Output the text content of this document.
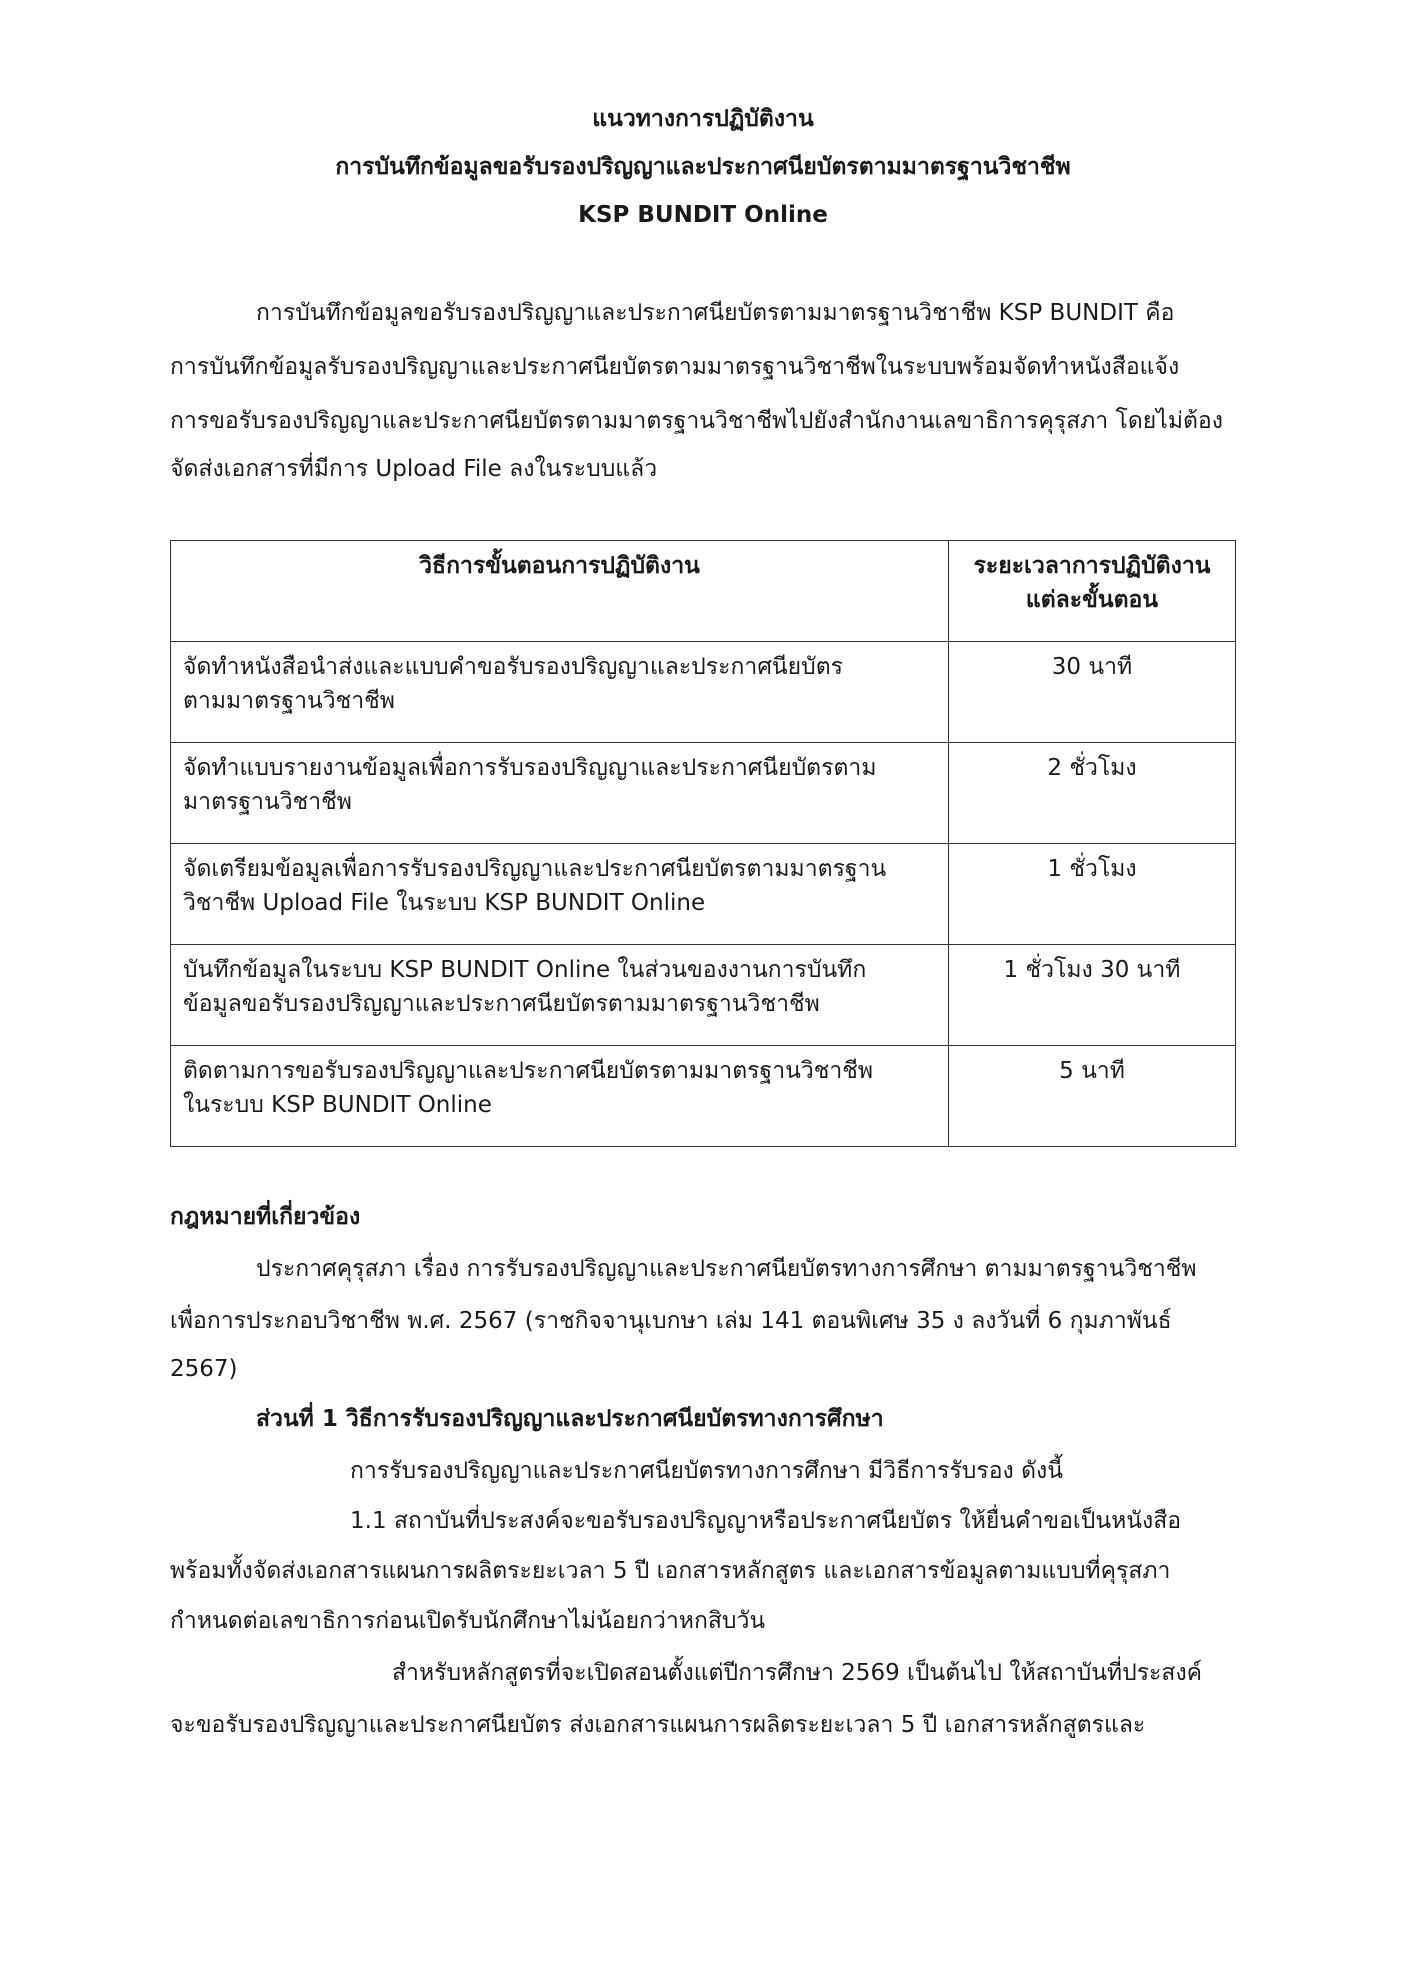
แนวทางการปฏิบัติงาน
การบันทึกข้อมูลขอรับรองปริญญาและประกาศนียบัตรตามมาตรฐานวิชาชีพ
KSP BUNDIT Online
การบันทึกข้อมูลขอรับรองปริญญาและประกาศนียบัตรตามมาตรฐานวิชาชีพ KSP BUNDIT คือ
การบันทึกข้อมูลรับรองปริญญาและประกาศนียบัตรตามมาตรฐานวิชาชีพในระบบพร้อมจัดทำหนังสือแจ้ง
การขอรับรองปริญญาและประกาศนียบัตรตามมาตรฐานวิชาชีพไปยังสำนักงานเลขาธิการคุรุสภา โดยไม่ต้อง
จัดส่งเอกสารที่มีการ Upload File ลงในระบบแล้ว
วิธีการขั้นตอนการปฏิบัติงาน	ระยะเวลาการปฏิบัติงาน
แต่ละขั้นตอน

จัดทำหนังสือนำส่งและแบบคำขอรับรองปริญญาและประกาศนียบัตร
ตามมาตรฐานวิชาชีพ	30 นาที

จัดทำแบบรายงานข้อมูลเพื่อการรับรองปริญญาและประกาศนียบัตรตาม
มาตรฐานวิชาชีพ	2 ชั่วโมง

จัดเตรียมข้อมูลเพื่อการรับรองปริญญาและประกาศนียบัตรตามมาตรฐาน
วิชาชีพ Upload File ในระบบ KSP BUNDIT Online	1 ชั่วโมง

บันทึกข้อมูลในระบบ KSP BUNDIT Online ในส่วนของงานการบันทึก
ข้อมูลขอรับรองปริญญาและประกาศนียบัตรตามมาตรฐานวิชาชีพ	1 ชั่วโมง 30 นาที

ติดตามการขอรับรองปริญญาและประกาศนียบัตรตามมาตรฐานวิชาชีพ
ในระบบ KSP BUNDIT Online	5 นาที
กฎหมายที่เกี่ยวข้อง
ประกาศคุรุสภา เรื่อง การรับรองปริญญาและประกาศนียบัตรทางการศึกษา ตามมาตรฐานวิชาชีพ
เพื่อการประกอบวิชาชีพ พ.ศ. 2567 (ราชกิจจานุเบกษา เล่ม 141 ตอนพิเศษ 35 ง ลงวันที่ 6 กุมภาพันธ์
2567)
ส่วนที่ 1 วิธีการรับรองปริญญาและประกาศนียบัตรทางการศึกษา
การรับรองปริญญาและประกาศนียบัตรทางการศึกษา มีวิธีการรับรอง ดังนี้
1.1 สถาบันที่ประสงค์จะขอรับรองปริญญาหรือประกาศนียบัตร ให้ยื่นคำขอเป็นหนังสือ
พร้อมทั้งจัดส่งเอกสารแผนการผลิตระยะเวลา 5 ปี เอกสารหลักสูตร และเอกสารข้อมูลตามแบบที่คุรุสภา
กำหนดต่อเลขาธิการก่อนเปิดรับนักศึกษาไม่น้อยกว่าหกสิบวัน
สำหรับหลักสูตรที่จะเปิดสอนตั้งแต่ปีการศึกษา 2569 เป็นต้นไป ให้สถาบันที่ประสงค์
จะขอรับรองปริญญาและประกาศนียบัตร ส่งเอกสารแผนการผลิตระยะเวลา 5 ปี เอกสารหลักสูตรและ
